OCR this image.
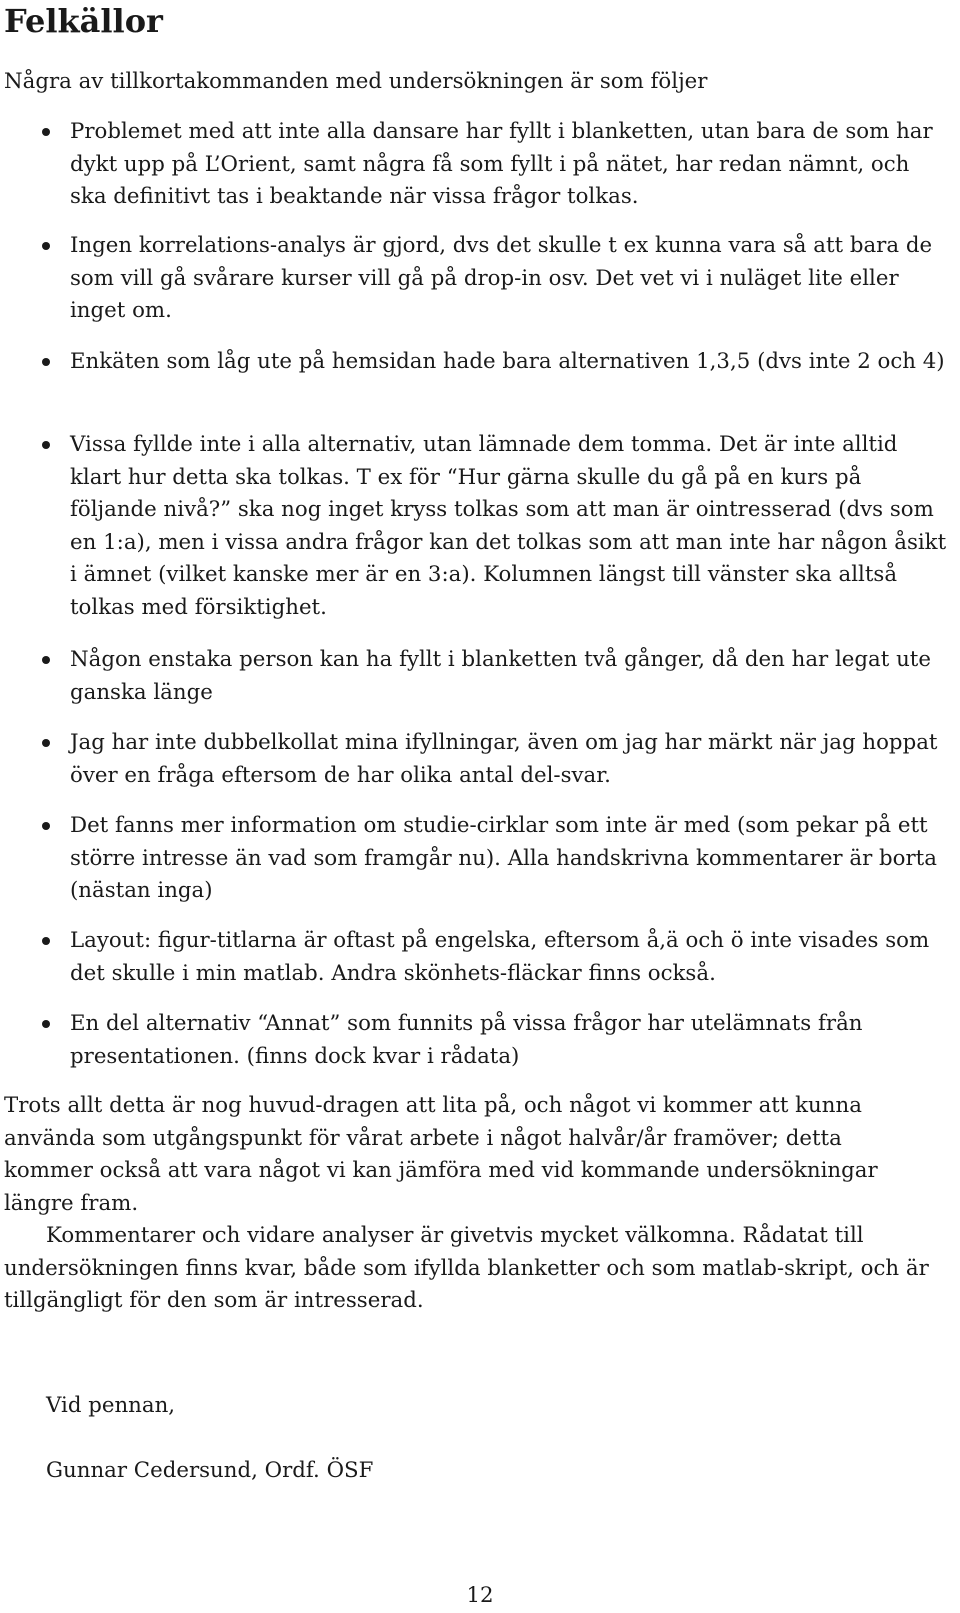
Felkällor

Några av tillkortakommanden med undersökningen är som följer

Problemet med att inte alla dansare har fyllt i blanketten, utan bara de som har dykt upp på L’Orient, samt några få som fyllt i på nätet, har redan nämnt, och ska definitivt tas i beaktande när vissa frågor tolkas.
Ingen korrelations-analys är gjord, dvs det skulle t ex kunna vara så att bara de som vill gå svårare kurser vill gå på drop-in osv. Det vet vi i nuläget lite eller inget om.
Enkäten som låg ute på hemsidan hade bara alternativen 1,3,5 (dvs inte 2 och 4)
Vissa fyllde inte i alla alternativ, utan lämnade dem tomma. Det är inte alltid klart hur detta ska tolkas. T ex för “Hur gärna skulle du gå på en kurs på följande nivå?” ska nog inget kryss tolkas som att man är ointresserad (dvs som en 1:a), men i vissa andra frågor kan det tolkas som att man inte har någon åsikt i ämnet (vilket kanske mer är en 3:a). Kolumnen längst till vänster ska alltså tolkas med försiktighet.
Någon enstaka person kan ha fyllt i blanketten två gånger, då den har legat ute ganska länge
Jag har inte dubbelkollat mina ifyllningar, även om jag har märkt när jag hoppat över en fråga eftersom de har olika antal del-svar.
Det fanns mer information om studie-cirklar som inte är med (som pekar på ett större intresse än vad som framgår nu). Alla handskrivna kommentarer är borta (nästan inga)
Layout: figur-titlarna är oftast på engelska, eftersom å,ä och ö inte visades som det skulle i min matlab. Andra skönhets-fläckar finns också.
En del alternativ “Annat” som funnits på vissa frågor har utelämnats från presentationen. (finns dock kvar i rådata)

Trots allt detta är nog huvud-dragen att lita på, och något vi kommer att kunna använda som utgångspunkt för vårat arbete i något halvår/år framöver; detta kommer också att vara något vi kan jämföra med vid kommande undersökningar längre fram.

Kommentarer och vidare analyser är givetvis mycket välkomna. Rådatat till undersökningen finns kvar, både som ifyllda blanketter och som matlab-skript, och är tillgängligt för den som är intresserad.

Vid pennan,

Gunnar Cedersund, Ordf. ÖSF

12
